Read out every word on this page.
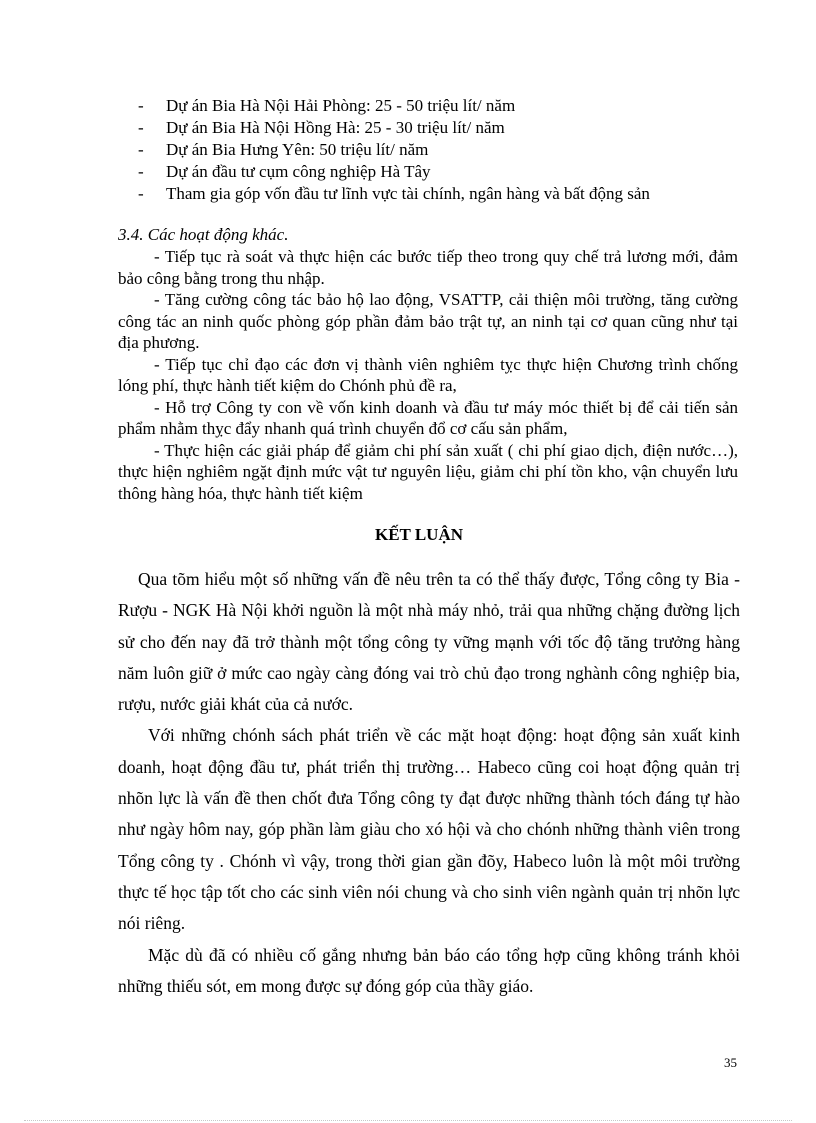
-	Dự án Bia Hà Nội Hải Phòng: 25 - 50 triệu lít/ năm
-	Dự án Bia Hà Nội Hồng Hà: 25 - 30 triệu lít/ năm
-	Dự án Bia Hưng Yên: 50 triệu lít/ năm
-	Dự án đầu tư cụm công nghiệp Hà Tây
-	Tham gia góp vốn đầu tư lĩnh vực tài chính, ngân hàng và bất động sản
3.4. Các hoạt động khác.

- Tiếp tục rà soát và thực hiện các bước tiếp theo trong quy chế trả lương mới, đảm bảo công bằng trong thu nhập.

- Tăng cường công tác bảo hộ lao động, VSATTP, cải thiện môi trường, tăng cường công tác an ninh quốc phòng góp phần đảm bảo trật tự, an ninh tại cơ quan cũng như tại địa phương.

- Tiếp tục chỉ đạo các đơn vị thành viên nghiêm tỵc thực hiện Chương trình chống lóng phí, thực hành tiết kiệm do Chónh phủ đề ra,

- Hỗ trợ Công ty con về vốn kinh doanh và đầu tư máy móc thiết bị để cải tiến sản phẩm nhằm thỵc đẩy nhanh quá trình chuyển đổ cơ cấu sản phẩm,

- Thực hiện các giải pháp để giảm chi phí sản xuất ( chi phí giao dịch, điện nước…), thực hiện nghiêm ngặt định mức vật tư nguyên liệu, giảm chi phí tồn kho, vận chuyển lưu thông hàng hóa, thực hành tiết kiệm

KẾT LUẬN

Qua tõm hiểu một số những vấn đề nêu trên ta có thể thấy được, Tổng công ty Bia - Rượu - NGK Hà Nội khởi nguồn là một nhà máy nhỏ, trải qua những chặng đường lịch sử cho đến nay đã trở thành một tổng công ty vững mạnh với tốc độ tăng trưởng hàng năm luôn giữ ở mức cao ngày càng đóng vai trò chủ đạo trong nghành công nghiệp bia, rượu, nước giải khát của cả nước.

Với những chónh sách phát triển về các mặt hoạt động: hoạt động sản xuất kinh doanh, hoạt động đầu tư, phát triển thị trường… Habeco cũng coi hoạt động quản trị nhõn lực là vấn đề then chốt đưa Tổng công ty đạt được những thành tóch đáng tự hào như ngày hôm nay, góp phần làm giàu cho xó hội và cho chónh những thành viên trong Tổng công ty . Chónh vì vậy, trong thời gian gần đõy, Habeco luôn là một môi trường thực tế học tập tốt cho các sinh viên nói chung và cho sinh viên ngành quản trị nhõn lực nói riêng.

Mặc dù đã có nhiều cố gắng nhưng bản báo cáo tổng hợp cũng không tránh khỏi những thiếu sót, em mong được sự đóng góp của thầy giáo.

35
